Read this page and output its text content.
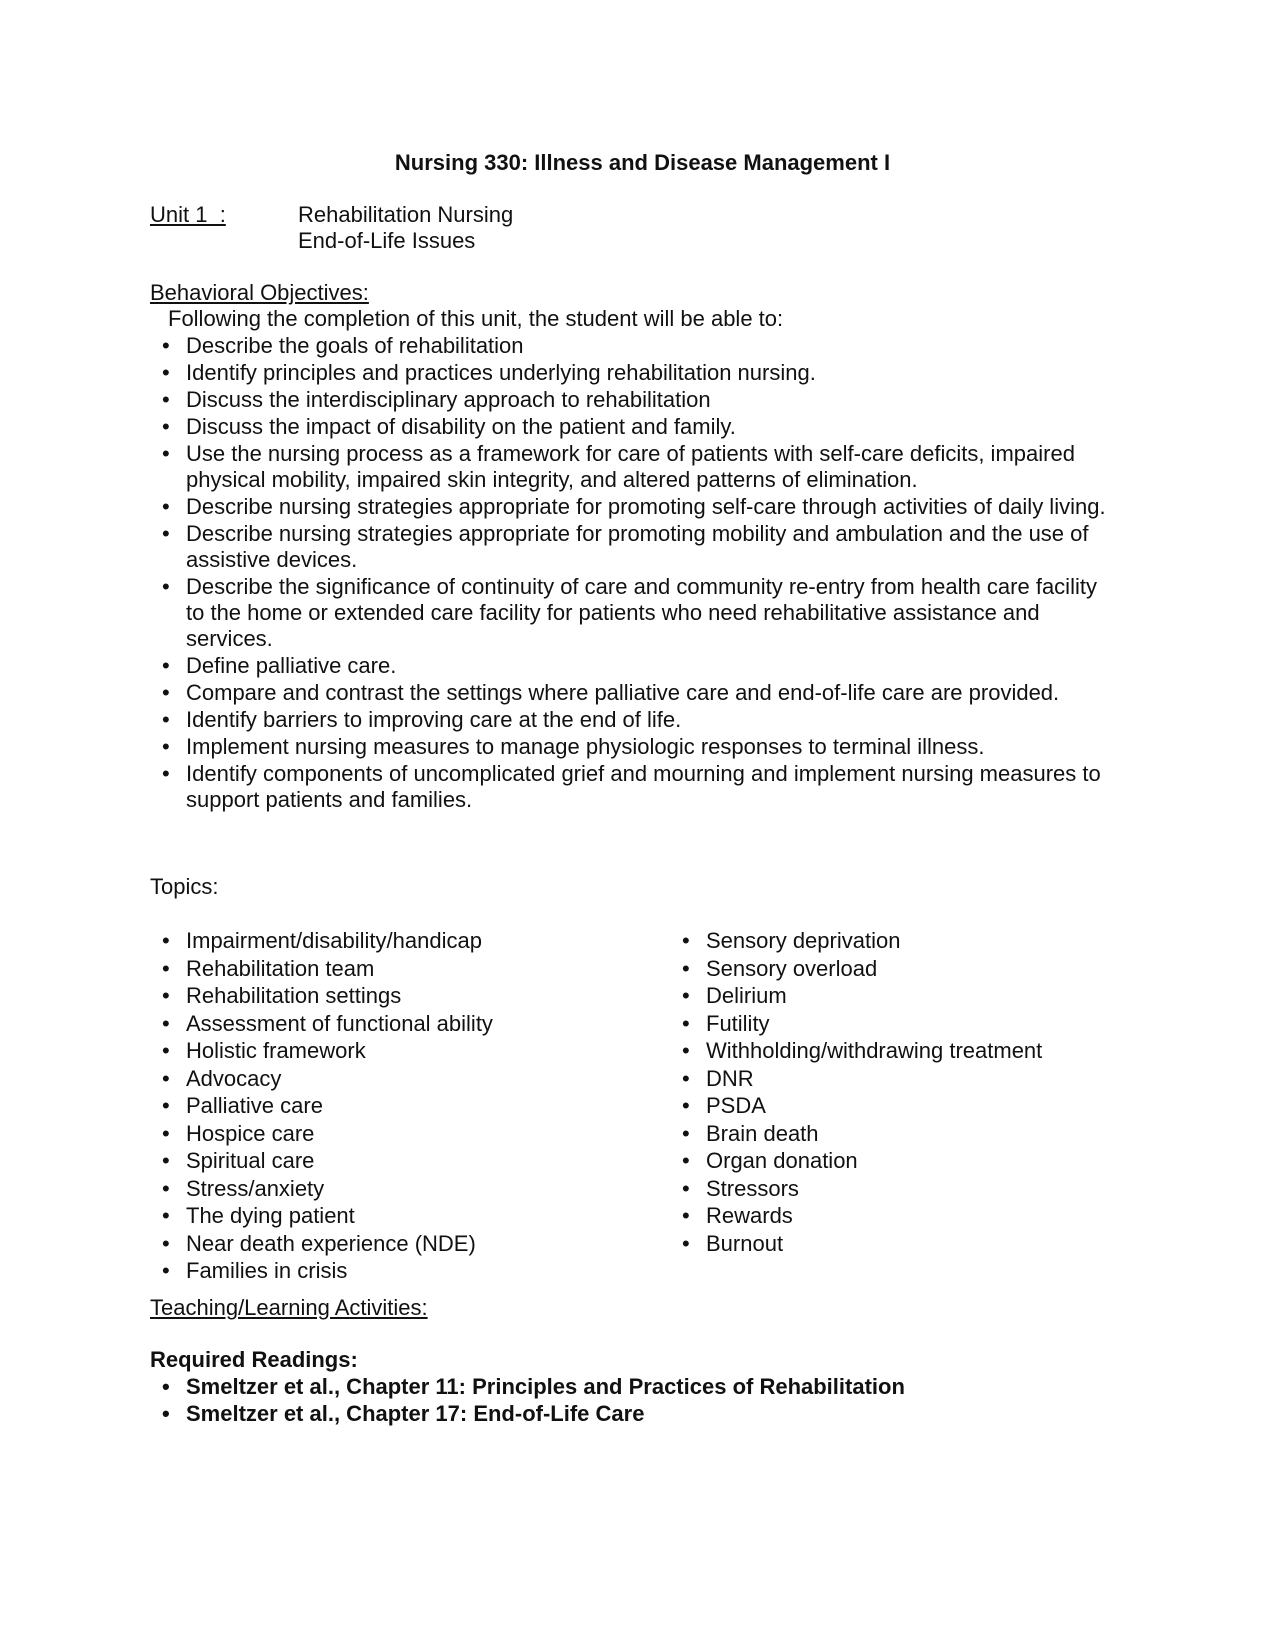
Nursing 330: Illness and Disease Management I
Unit 1  :	Rehabilitation Nursing
End-of-Life Issues
Behavioral Objectives:
Following the completion of this unit, the student will be able to:
• Describe the goals of rehabilitation
• Identify principles and practices underlying rehabilitation nursing.
• Discuss the interdisciplinary approach to rehabilitation
• Discuss the impact of disability on the patient and family.
• Use the nursing process as a framework for care of patients with self-care deficits, impaired physical mobility, impaired skin integrity, and altered patterns of elimination.
• Describe nursing strategies appropriate for promoting self-care through activities of daily living.
• Describe nursing strategies appropriate for promoting mobility and ambulation and the use of assistive devices.
• Describe the significance of continuity of care and community re-entry from health care facility to the home or extended care facility for patients who need rehabilitative assistance and services.
• Define palliative care.
• Compare and contrast the settings where palliative care and end-of-life care are provided.
• Identify barriers to improving care at the end of life.
• Implement nursing measures to manage physiologic responses to terminal illness.
• Identify components of uncomplicated grief and mourning and implement nursing measures to support patients and families.
Topics:
• Impairment/disability/handicap
• Rehabilitation team
• Rehabilitation settings
• Assessment of functional ability
• Holistic framework
• Advocacy
• Palliative care
• Hospice care
• Spiritual care
• Stress/anxiety
• The dying patient
• Near death experience (NDE)
• Families in crisis
• Sensory deprivation
• Sensory overload
• Delirium
• Futility
• Withholding/withdrawing treatment
• DNR
• PSDA
• Brain death
• Organ donation
• Stressors
• Rewards
• Burnout
Teaching/Learning Activities:
Required Readings:
• Smeltzer et al., Chapter 11: Principles and Practices of Rehabilitation
• Smeltzer et al., Chapter 17: End-of-Life Care
